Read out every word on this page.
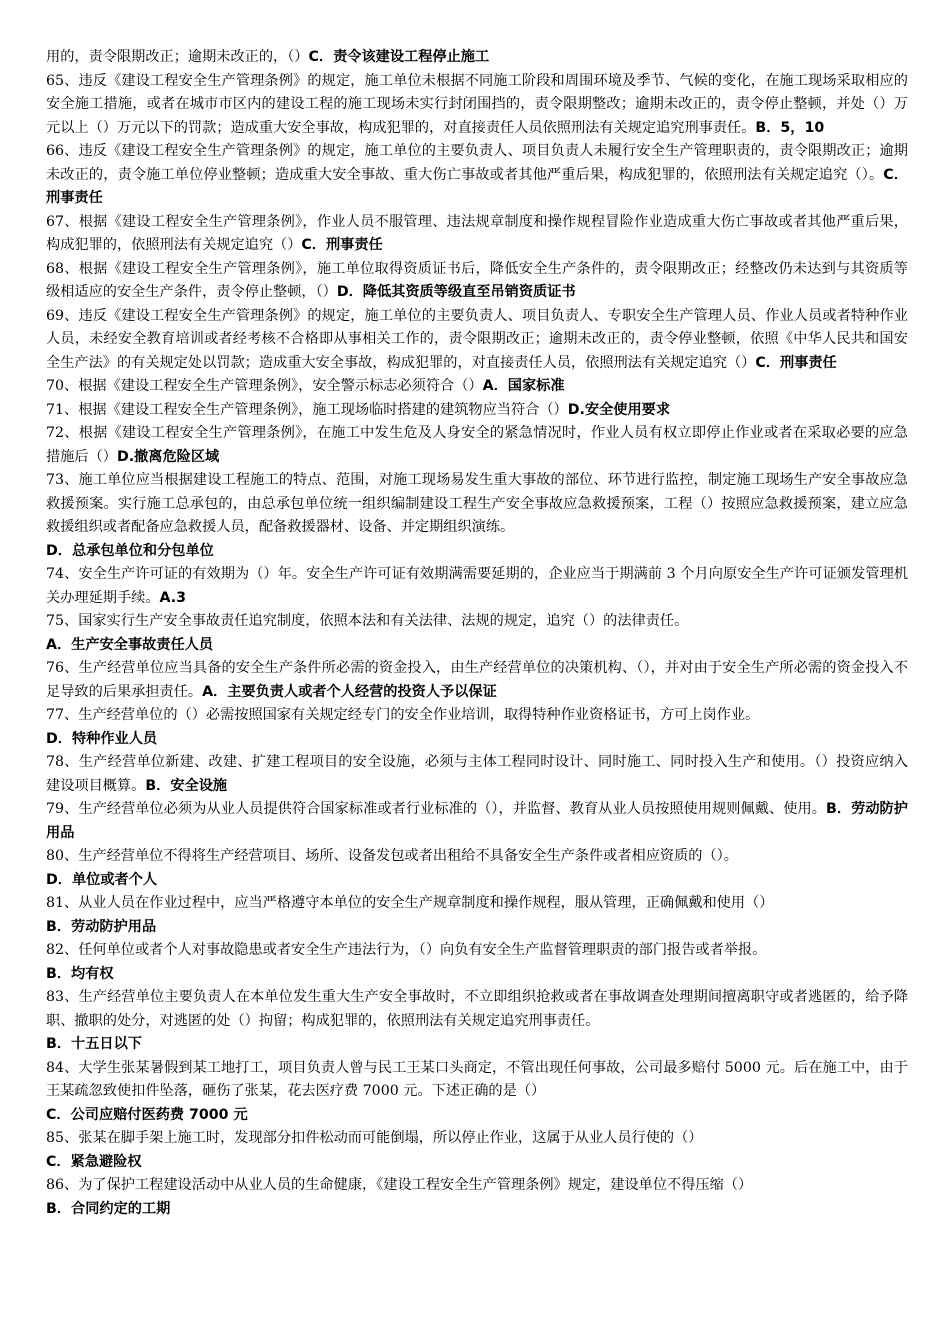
用的，责令限期改正；逾期未改正的，（）C．责令该建设工程停止施工

65、违反《建设工程安全生产管理条例》的规定，施工单位未根据不同施工阶段和周围环境及季节、气候的变化，在施工现场采取相应的安全施工措施，或者在城市市区内的建设工程的施工现场未实行封闭围挡的，责令限期整改；逾期未改正的，责令停止整顿，并处（）万元以上（）万元以下的罚款；造成重大安全事故，构成犯罪的，对直接责任人员依照刑法有关规定追究刑事责任。B．5，10

66、违反《建设工程安全生产管理条例》的规定，施工单位的主要负责人、项目负责人未履行安全生产管理职责的，责令限期改正；逾期未改正的，责令施工单位停业整顿；造成重大安全事故、重大伤亡事故或者其他严重后果，构成犯罪的，依照刑法有关规定追究（）。C．刑事责任

67、根据《建设工程安全生产管理条例》，作业人员不服管理、违法规章制度和操作规程冒险作业造成重大伤亡事故或者其他严重后果，构成犯罪的，依照刑法有关规定追究（）C．刑事责任

68、根据《建设工程安全生产管理条例》，施工单位取得资质证书后，降低安全生产条件的，责令限期改正；经整改仍未达到与其资质等级相适应的安全生产条件，责令停止整顿，（）D．降低其资质等级直至吊销资质证书

69、违反《建设工程安全生产管理条例》的规定，施工单位的主要负责人、项目负责人、专职安全生产管理人员、作业人员或者特种作业人员，未经安全教育培训或者经考核不合格即从事相关工作的，责令限期改正；逾期未改正的，责令停业整顿，依照《中华人民共和国安全生产法》的有关规定处以罚款；造成重大安全事故，构成犯罪的，对直接责任人员，依照刑法有关规定追究（）C．刑事责任

70、根据《建设工程安全生产管理条例》，安全警示标志必须符合（）A．国家标准

71、根据《建设工程安全生产管理条例》，施工现场临时搭建的建筑物应当符合（）D.安全使用要求

72、根据《建设工程安全生产管理条例》，在施工中发生危及人身安全的紧急情况时，作业人员有权立即停止作业或者在采取必要的应急措施后（）D.撤离危险区域

73、施工单位应当根据建设工程施工的特点、范围，对施工现场易发生重大事故的部位、环节进行监控，制定施工现场生产安全事故应急救援预案。实行施工总承包的，由总承包单位统一组织编制建设工程生产安全事故应急救援预案，工程（）按照应急救援预案，建立应急救援组织或者配备应急救援人员，配备救援器材、设备、并定期组织演练。

D．总承包单位和分包单位

74、安全生产许可证的有效期为（）年。安全生产许可证有效期满需要延期的，企业应当于期满前 3 个月向原安全生产许可证颁发管理机关办理延期手续。A.3

75、国家实行生产安全事故责任追究制度，依照本法和有关法律、法规的规定，追究（）的法律责任。

A．生产安全事故责任人员

76、生产经营单位应当具备的安全生产条件所必需的资金投入，由生产经营单位的决策机构、（），并对由于安全生产所必需的资金投入不足导致的后果承担责任。A．主要负责人或者个人经营的投资人予以保证

77、生产经营单位的（）必需按照国家有关规定经专门的安全作业培训，取得特种作业资格证书，方可上岗作业。

D．特种作业人员

78、生产经营单位新建、改建、扩建工程项目的安全设施，必须与主体工程同时设计、同时施工、同时投入生产和使用。（）投资应纳入建设项目概算。B．安全设施

79、生产经营单位必须为从业人员提供符合国家标准或者行业标准的（），并监督、教育从业人员按照使用规则佩戴、使用。B．劳动防护用品

80、生产经营单位不得将生产经营项目、场所、设备发包或者出租给不具备安全生产条件或者相应资质的（）。

D．单位或者个人

81、从业人员在作业过程中，应当严格遵守本单位的安全生产规章制度和操作规程，服从管理，正确佩戴和使用（）

B．劳动防护用品

82、任何单位或者个人对事故隐患或者安全生产违法行为，（）向负有安全生产监督管理职责的部门报告或者举报。

B．均有权

83、生产经营单位主要负责人在本单位发生重大生产安全事故时，不立即组织抢救或者在事故调查处理期间擅离职守或者逃匿的，给予降职、撤职的处分，对逃匿的处（）拘留；构成犯罪的，依照刑法有关规定追究刑事责任。

B．十五日以下

84、大学生张某暑假到某工地打工，项目负责人曾与民工王某口头商定，不管出现任何事故，公司最多赔付 5000 元。后在施工中，由于王某疏忽致使扣件坠落，砸伤了张某，花去医疗费 7000 元。下述正确的是（）

C．公司应赔付医药费 7000 元

85、张某在脚手架上施工时，发现部分扣件松动而可能倒塌，所以停止作业，这属于从业人员行使的（）

C．紧急避险权

86、为了保护工程建设活动中从业人员的生命健康，《建设工程安全生产管理条例》规定，建设单位不得压缩（）

B．合同约定的工期
